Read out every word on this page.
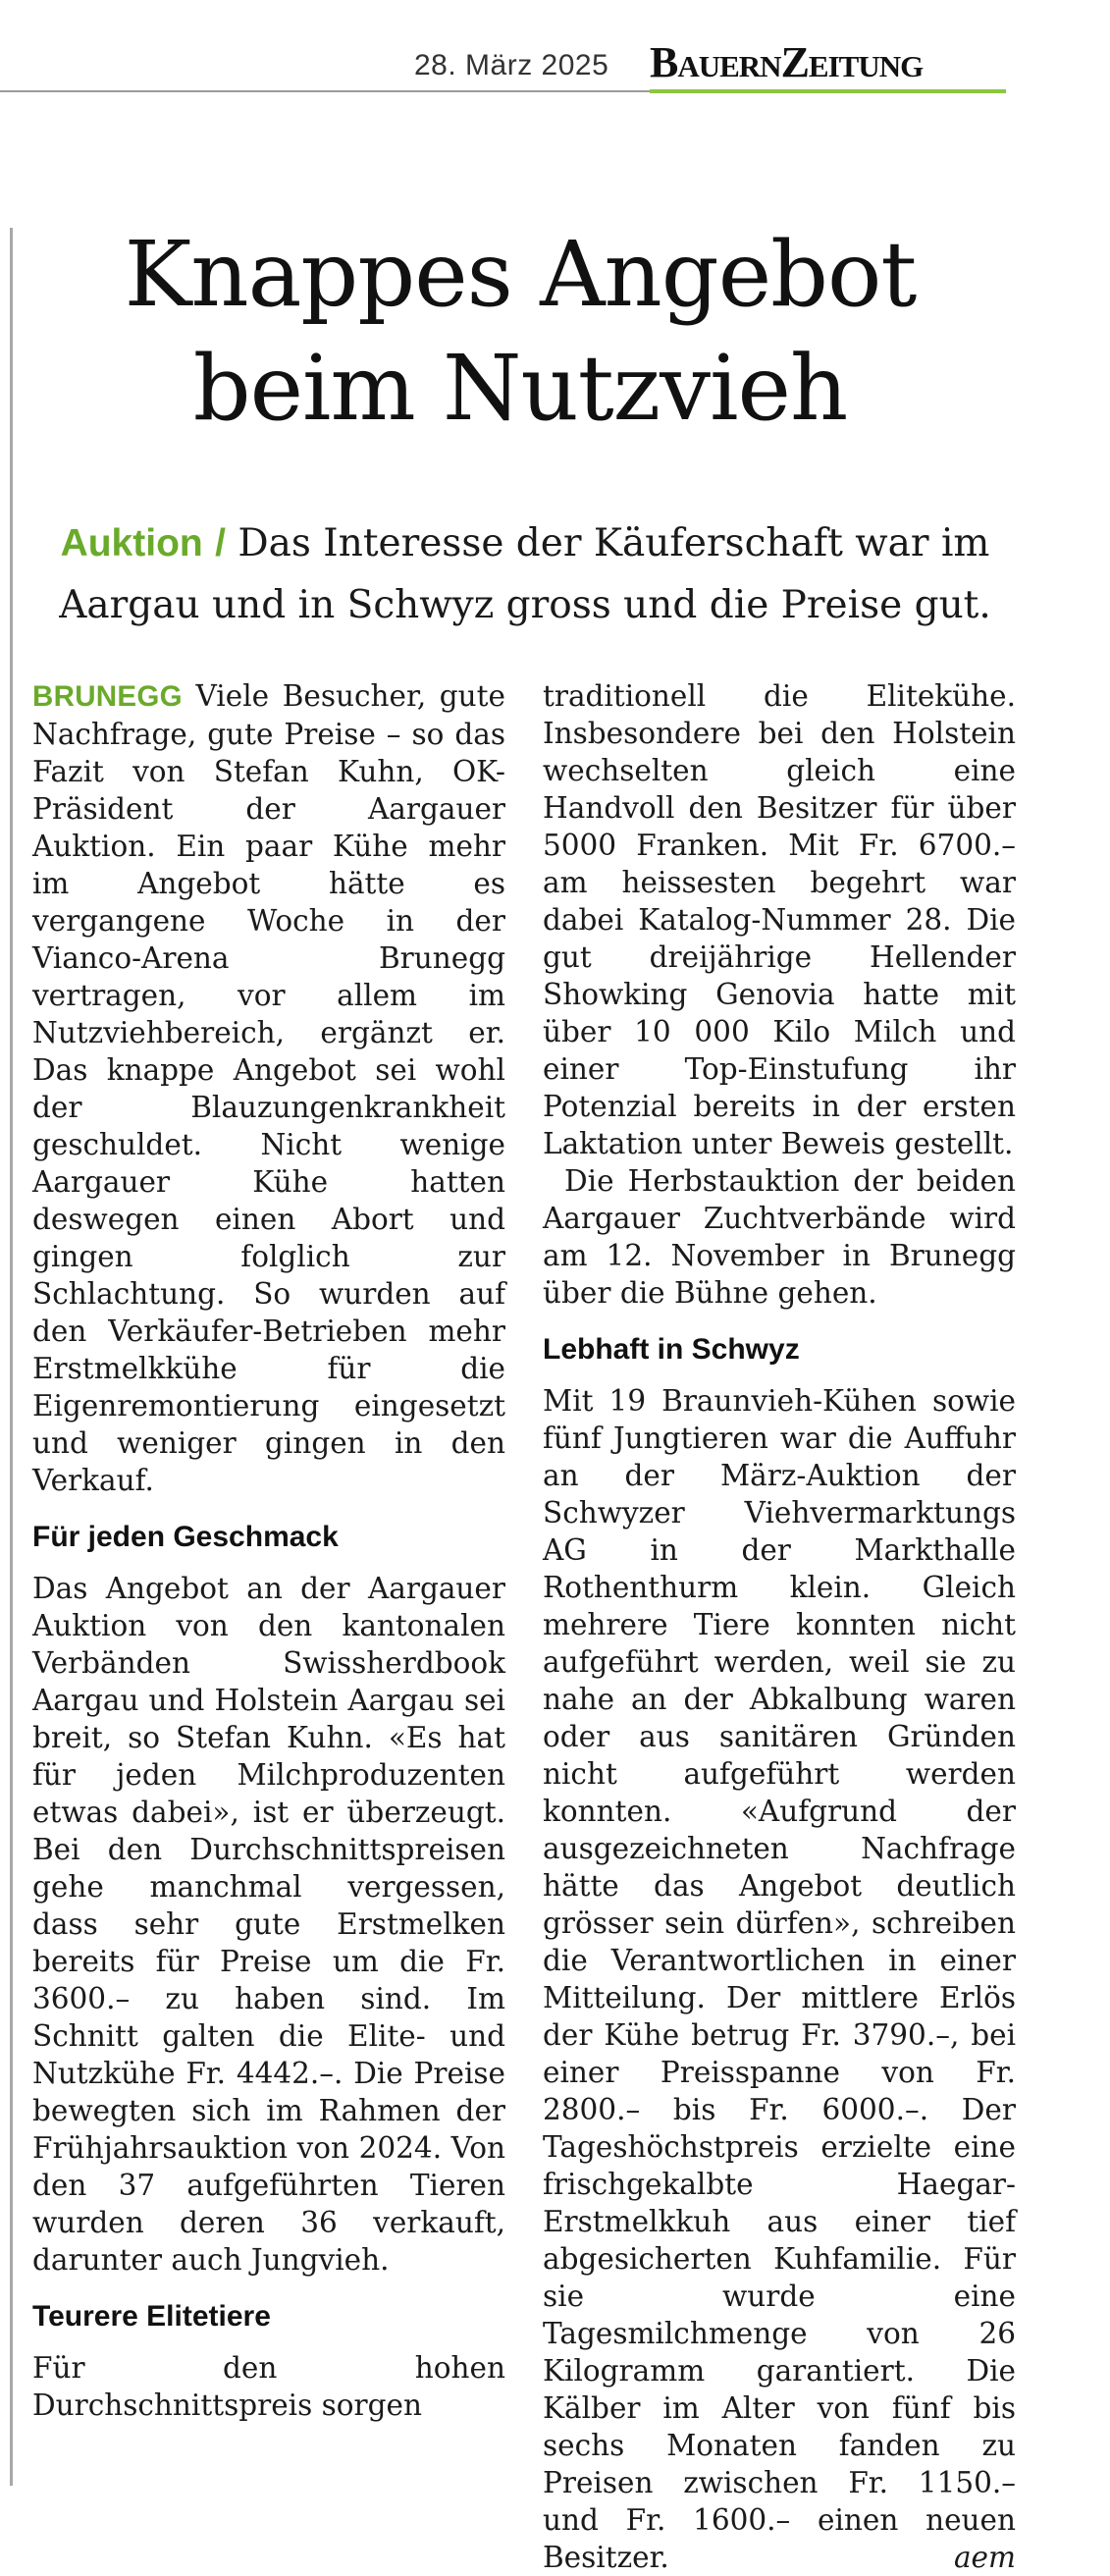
28. März 2025 BauernZeitung
Knappes Angebot
beim Nutzvieh
Auktion / Das Interesse der Käuferschaft war im Aargau und in Schwyz gross und die Preise gut.

BRUNEGG Viele Besucher, gute Nachfrage, gute Preise – so das Fazit von Stefan Kuhn, OK-Präsident der Aargauer Auktion. Ein paar Kühe mehr im Angebot hätte es vergangene Woche in der Vianco-Arena Brunegg vertragen, vor allem im Nutzviehbereich, ergänzt er. Das knappe Angebot sei wohl der Blauzungenkrankheit geschuldet. Nicht wenige Aargauer Kühe hatten deswegen einen Abort und gingen folglich zur Schlachtung. So wurden auf den Verkäufer-Betrieben mehr Erstmelkkühe für die Eigenremontierung eingesetzt und weniger gingen in den Verkauf.

Für jeden Geschmack

Das Angebot an der Aargauer Auktion von den kantonalen Verbänden Swissherdbook Aargau und Holstein Aargau sei breit, so Stefan Kuhn. «Es hat für jeden Milchproduzenten etwas dabei», ist er überzeugt. Bei den Durchschnittspreisen gehe manchmal vergessen, dass sehr gute Erstmelken bereits für Preise um die Fr. 3600.– zu haben sind. Im Schnitt galten die Elite- und Nutzkühe Fr. 4442.–. Die Preise bewegten sich im Rahmen der Frühjahrsauktion von 2024. Von den 37 aufgeführten Tieren wurden deren 36 verkauft, darunter auch Jungvieh.

Teurere Elitetiere

Für den hohen Durchschnittspreis sorgen

traditionell die Elitekühe. Insbesondere bei den Holstein wechselten gleich eine Handvoll den Besitzer für über 5000 Franken. Mit Fr. 6700.– am heissesten begehrt war dabei Katalog-Nummer 28. Die gut dreijährige Hellender Showking Genovia hatte mit über 10 000 Kilo Milch und einer Top-Einstufung ihr Potenzial bereits in der ersten Laktation unter Beweis gestellt.

Die Herbstauktion der beiden Aargauer Zuchtverbände wird am 12. November in Brunegg über die Bühne gehen.

Lebhaft in Schwyz

Mit 19 Braunvieh-Kühen sowie fünf Jungtieren war die Auffuhr an der März-Auktion der Schwyzer Viehvermarktungs AG in der Markthalle Rothenthurm klein. Gleich mehrere Tiere konnten nicht aufgeführt werden, weil sie zu nahe an der Abkalbung waren oder aus sanitären Gründen nicht aufgeführt werden konnten. «Aufgrund der ausgezeichneten Nachfrage hätte das Angebot deutlich grösser sein dürfen», schreiben die Verantwortlichen in einer Mitteilung. Der mittlere Erlös der Kühe betrug Fr. 3790.–, bei einer Preisspanne von Fr. 2800.– bis Fr. 6000.–. Der Tageshöchstpreis erzielte eine frischgekalbte Haegar-Erstmelkkuh aus einer tief abgesicherten Kuhfamilie. Für sie wurde eine Tagesmilchmenge von 26 Kilogramm garantiert. Die Kälber im Alter von fünf bis sechs Monaten fanden zu Preisen zwischen Fr. 1150.– und Fr. 1600.– einen neuen Besitzer.	aem
